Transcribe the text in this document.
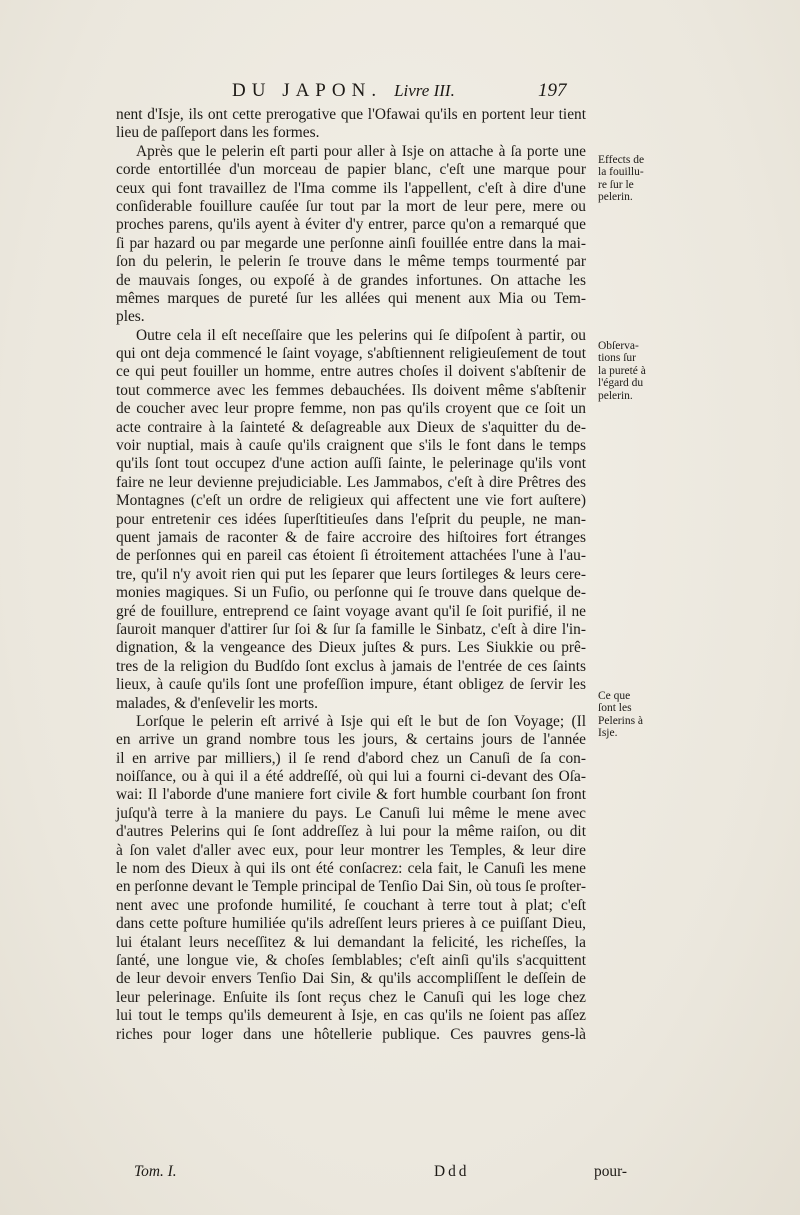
DU JAPON. Livre III.	197
nent d'Isje, ils ont cette prerogative que l'Ofawai qu'ils en portent leur tient
lieu de paſſeport dans les formes.
Après que le pelerin eſt parti pour aller à Isje on attache à ſa porte une
corde entortillée d'un morceau de papier blanc, c'eſt une marque pour
ceux qui font travaillez de l'Ima comme ils l'appellent, c'eſt à dire d'une
conſiderable fouillure cauſée ſur tout par la mort de leur pere, mere ou
proches parens, qu'ils ayent à éviter d'y entrer, parce qu'on a remarqué que
ſi par hazard ou par megarde une perſonne ainſi fouillée entre dans la mai-
ſon du pelerin, le pelerin ſe trouve dans le même temps tourmenté par
de mauvais ſonges, ou expoſé à de grandes infortunes. On attache les
mêmes marques de pureté ſur les allées qui menent aux Mia ou Tem-
ples.
Outre cela il eſt neceſſaire que les pelerins qui ſe diſpoſent à partir, ou
qui ont deja commencé le ſaint voyage, s'abſtiennent religieuſement de tout
ce qui peut fouiller un homme, entre autres choſes il doivent s'abſtenir de
tout commerce avec les femmes debauchées. Ils doivent même s'abſtenir
de coucher avec leur propre femme, non pas qu'ils croyent que ce ſoit un
acte contraire à la ſainteté & deſagreable aux Dieux de s'aquitter du de-
voir nuptial, mais à cauſe qu'ils craignent que s'ils le font dans le temps
qu'ils ſont tout occupez d'une action auſſi ſainte, le pelerinage qu'ils vont
faire ne leur devienne prejudiciable. Les Jammabos, c'eſt à dire Prêtres des
Montagnes (c'eſt un ordre de religieux qui affectent une vie fort auſtere)
pour entretenir ces idées ſuperſtitieuſes dans l'eſprit du peuple, ne man-
quent jamais de raconter & de faire accroire des hiſtoires fort étranges
de perſonnes qui en pareil cas étoient ſi étroitement attachées l'une à l'au-
tre, qu'il n'y avoit rien qui put les ſeparer que leurs ſortileges & leurs cere-
monies magiques. Si un Fuſio, ou perſonne qui ſe trouve dans quelque de-
gré de fouillure, entreprend ce ſaint voyage avant qu'il ſe ſoit purifié, il ne
ſauroit manquer d'attirer ſur ſoi & ſur ſa famille le Sinbatz, c'eſt à dire l'in-
dignation, & la vengeance des Dieux juſtes & purs. Les Siukkie ou prê-
tres de la religion du Budſdo ſont exclus à jamais de l'entrée de ces ſaints
lieux, à cauſe qu'ils ſont une profeſſion impure, étant obligez de ſervir les
malades, & d'enſevelir les morts.
Lorſque le pelerin eſt arrivé à Isje qui eſt le but de ſon Voyage; (Il
en arrive un grand nombre tous les jours, & certains jours de l'année
il en arrive par milliers,) il ſe rend d'abord chez un Canuſi de ſa con-
noiſſance, ou à qui il a été addreſſé, où qui lui a fourni ci-devant des Oſa-
wai: Il l'aborde d'une maniere fort civile & fort humble courbant ſon front
juſqu'à terre à la maniere du pays. Le Canuſi lui même le mene avec
d'autres Pelerins qui ſe ſont addreſſez à lui pour la même raiſon, ou dit
à ſon valet d'aller avec eux, pour leur montrer les Temples, & leur dire
le nom des Dieux à qui ils ont été conſacrez: cela fait, le Canuſi les mene
en perſonne devant le Temple principal de Tenſio Dai Sin, où tous ſe proſter-
nent avec une profonde humilité, ſe couchant à terre tout à plat; c'eſt
dans cette poſture humiliée qu'ils adreſſent leurs prieres à ce puiſſant Dieu,
lui étalant leurs neceſſitez & lui demandant la felicité, les richeſſes, la
ſanté, une longue vie, & choſes ſemblables; c'eſt ainſi qu'ils s'acquittent
de leur devoir envers Tenſio Dai Sin, & qu'ils accompliſſent le deſſein de
leur pelerinage. Enſuite ils ſont reçus chez le Canuſi qui les loge chez
lui tout le temps qu'ils demeurent à Isje, en cas qu'ils ne ſoient pas aſſez
riches pour loger dans une hôtellerie publique. Ces pauvres gens-là
Effects de
la fouillu-
re ſur le
pelerin.
Obſerva-
tions ſur
la pureté à
l'égard du
pelerin.
Ce que
ſont les
Pelerins à
Isje.
Tom. I.	Ddd	pour-
